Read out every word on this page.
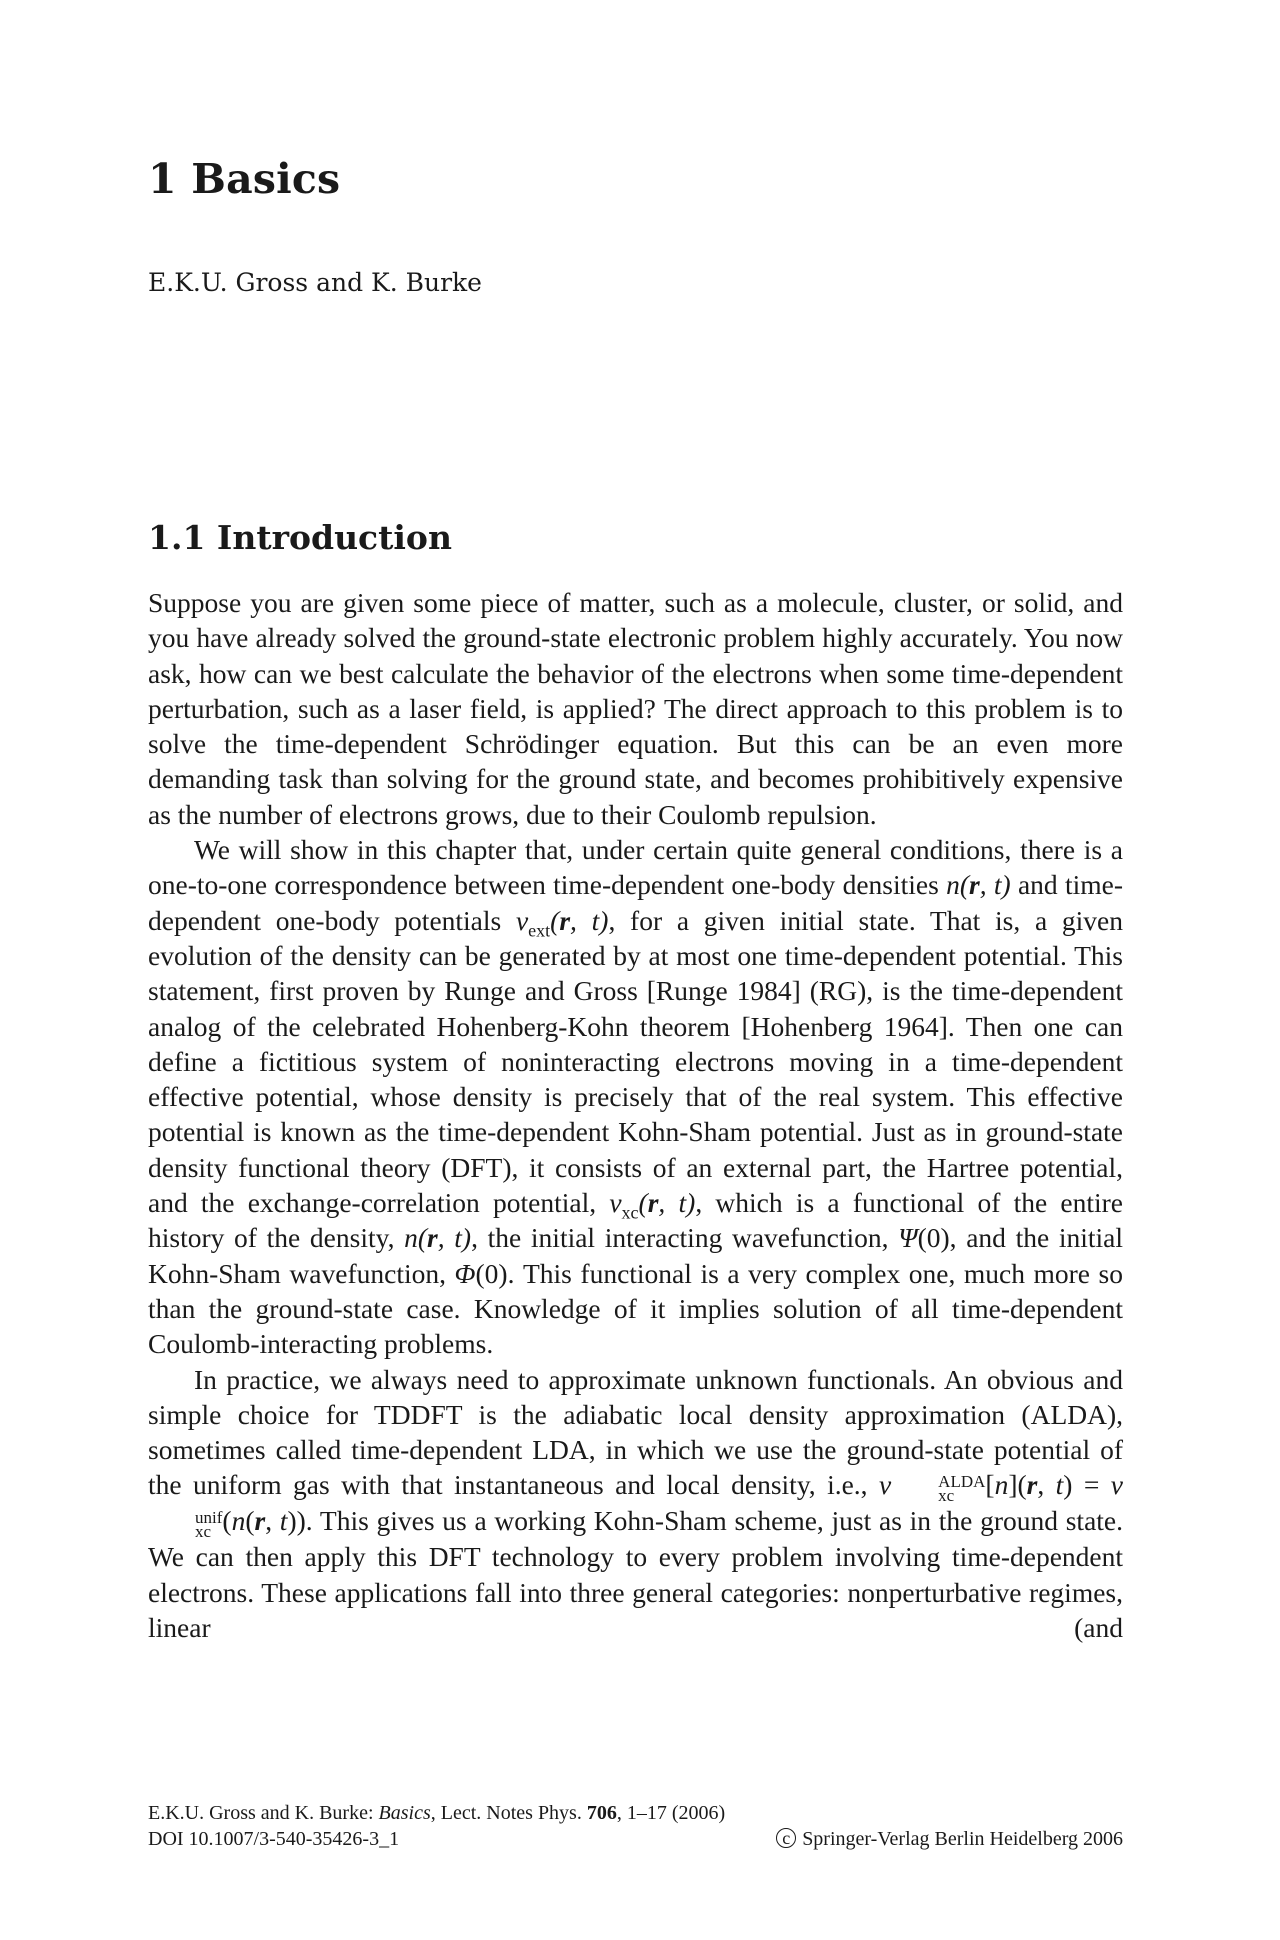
1 Basics

E.K.U. Gross and K. Burke

1.1 Introduction

Suppose you are given some piece of matter, such as a molecule, cluster, or solid, and you have already solved the ground-state electronic problem highly accurately. You now ask, how can we best calculate the behavior of the electrons when some time-dependent perturbation, such as a laser field, is applied? The direct approach to this problem is to solve the time-dependent Schrödinger equation. But this can be an even more demanding task than solving for the ground state, and becomes prohibitively expensive as the number of electrons grows, due to their Coulomb repulsion.

We will show in this chapter that, under certain quite general conditions, there is a one-to-one correspondence between time-dependent one-body densities n(r, t) and time-dependent one-body potentials $v_{ext}(r$, t), for a given initial state. That is, a given evolution of the density can be generated by at most one time-dependent potential. This statement, first proven by Runge and Gross [Runge 1984] (RG), is the time-dependent analog of the celebrated Hohenberg-Kohn theorem [Hohenberg 1964]. Then one can define a fictitious system of noninteracting electrons moving in a time-dependent effective potential, whose density is precisely that of the real system. This effective potential is known as the time-dependent Kohn-Sham potential. Just as in ground-state density functional theory (DFT), it consists of an external part, the Hartree potential, and the exchange-correlation potential, $v_{xc}(r$, t), which is a functional of the entire history of the density, n(r, t), the initial interacting wavefunction, Ψ(0), and the initial Kohn-Sham wavefunction, Φ(0). This functional is a very complex one, much more so than the ground-state case. Knowledge of it implies solution of all time-dependent Coulomb-interacting problems.

In practice, we always need to approximate unknown functionals. An obvious and simple choice for TDDFT is the adiabatic local density approximation (ALDA), sometimes called time-dependent LDA, in which we use the ground-state potential of the uniform gas with that instantaneous and local density, i.e., v	ALDA
xc	[n](r, t) = v
unif
xc (n(r, t)). This gives us a working Kohn-Sham scheme, just as in the ground state. We can then apply this DFT technology to every problem involving time-dependent electrons. These applications fall into three general categories: nonperturbative regimes, linear (and

E.K.U. Gross and K. Burke: Basics, Lect. Notes Phys. 706, 1–17 (2006)
DOI 10.1007/3-540-35426-3_1	c Springer-Verlag Berlin Heidelberg 2006
